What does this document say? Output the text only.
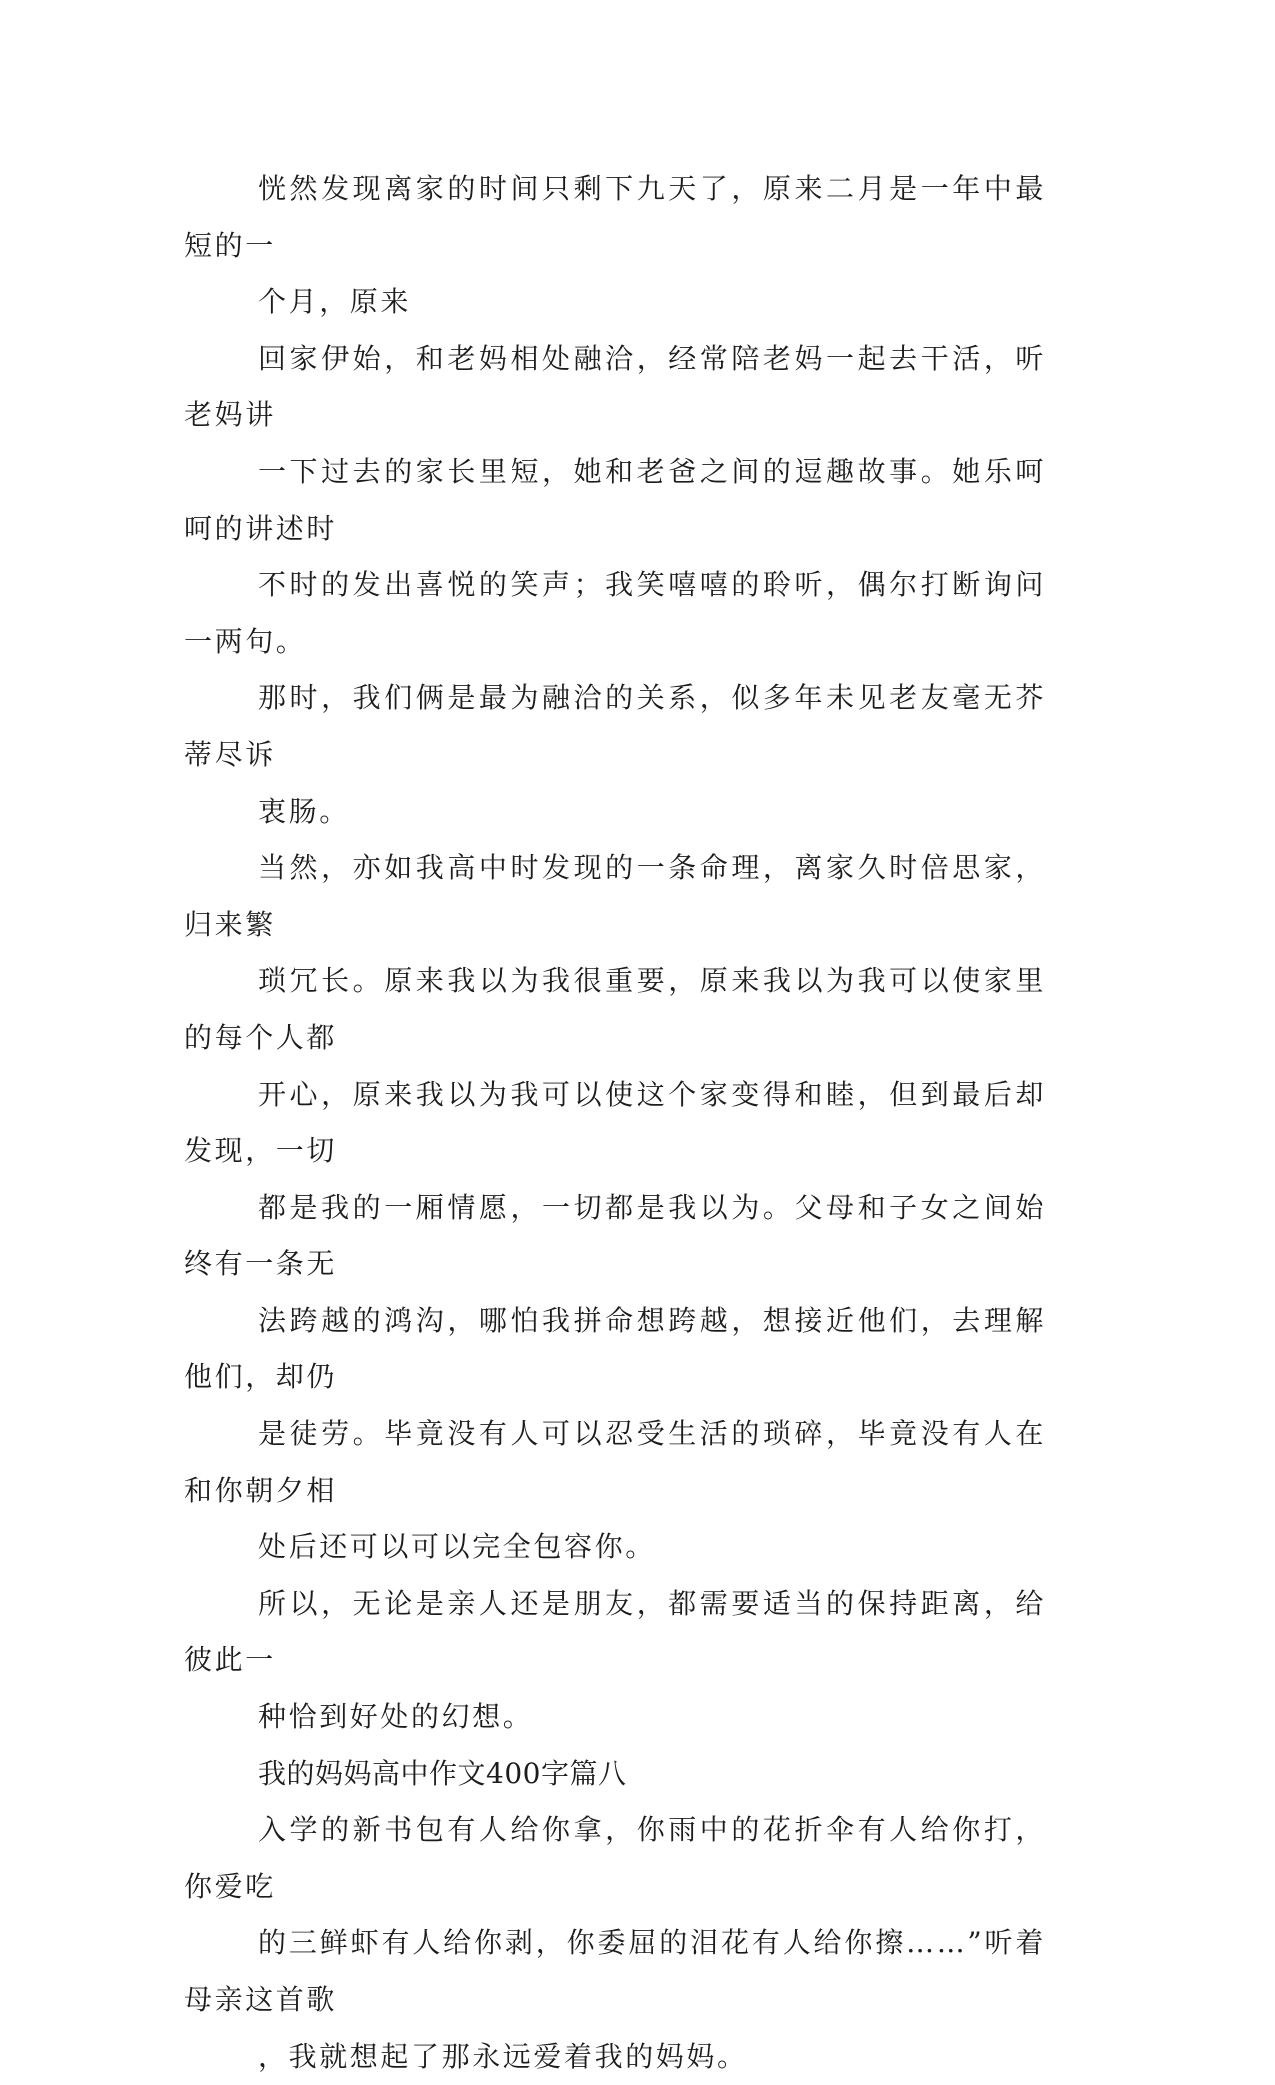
恍然发现离家的时间只剩下九天了，原来二月是一年中最短的一
个月，原来

回家伊始，和老妈相处融洽，经常陪老妈一起去干活，听老妈讲
一下过去的家长里短，她和老爸之间的逗趣故事。她乐呵呵的讲述时
不时的发出喜悦的笑声；我笑嘻嘻的聆听，偶尔打断询问一两句。

那时，我们俩是最为融洽的关系，似多年未见老友毫无芥蒂尽诉
衷肠。

当然，亦如我高中时发现的一条命理，离家久时倍思家，归来繁
琐冗长。原来我以为我很重要，原来我以为我可以使家里的每个人都
开心，原来我以为我可以使这个家变得和睦，但到最后却发现，一切
都是我的一厢情愿，一切都是我以为。父母和子女之间始终有一条无
法跨越的鸿沟，哪怕我拼命想跨越，想接近他们，去理解他们，却仍
是徒劳。毕竟没有人可以忍受生活的琐碎，毕竟没有人在和你朝夕相
处后还可以可以完全包容你。

所以，无论是亲人还是朋友，都需要适当的保持距离，给彼此一
种恰到好处的幻想。

我的妈妈高中作文400字篇八

入学的新书包有人给你拿，你雨中的花折伞有人给你打，你爱吃
的三鲜虾有人给你剥，你委屈的泪花有人给你擦……”听着母亲这首歌
，我就想起了那永远爱着我的妈妈。
